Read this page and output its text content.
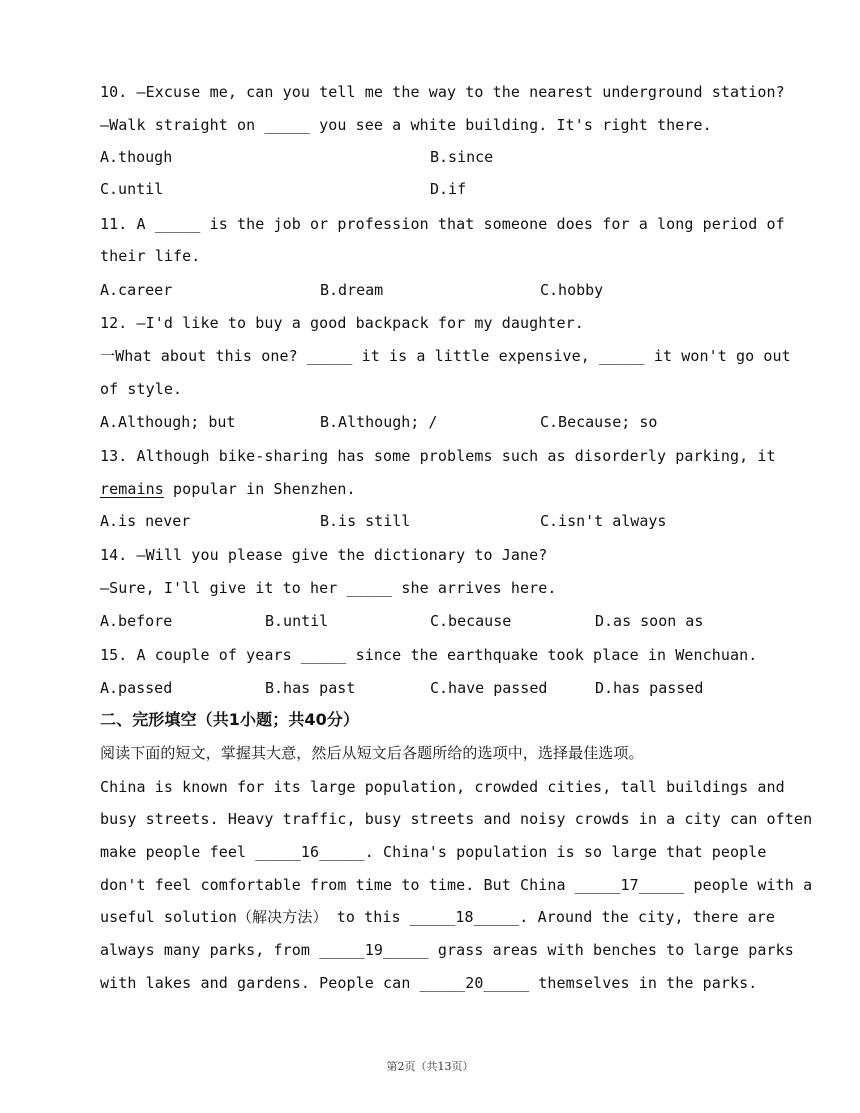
10. —Excuse me, can you tell me the way to the nearest underground station?
—Walk straight on _____ you see a white building. It's right there.
A.though	B.since
C.until	D.if
11. A _____ is the job or profession that someone does for a long period of
their life.
A.career	B.dream	C.hobby
12. —I'd like to buy a good backpack for my daughter.
一What about this one? _____ it is a little expensive, _____ it won't go out
of style.
A.Although; but	B.Although; /	C.Because; so
13. Although bike-sharing has some problems such as disorderly parking, it
remains popular in Shenzhen.
A.is never	B.is still	C.isn't always
14. —Will you please give the dictionary to Jane?
—Sure, I'll give it to her _____ she arrives here.
A.before	B.until	C.because	D.as soon as
15. A couple of years _____ since the earthquake took place in Wenchuan.
A.passed	B.has past	C.have passed	D.has passed
二、完形填空（共1小题；共40分）
阅读下面的短文，掌握其大意，然后从短文后各题所给的选项中，选择最佳选项。
China is known for its large population, crowded cities, tall buildings and
busy streets. Heavy traffic, busy streets and noisy crowds in a city can often
make people feel _____16_____. China's population is so large that people
don't feel comfortable from time to time. But China _____17_____ people with a
useful solution（解决方法） to this _____18_____. Around the city, there are
always many parks, from _____19_____ grass areas with benches to large parks
with lakes and gardens. People can _____20_____ themselves in the parks.
第2页（共13页）
